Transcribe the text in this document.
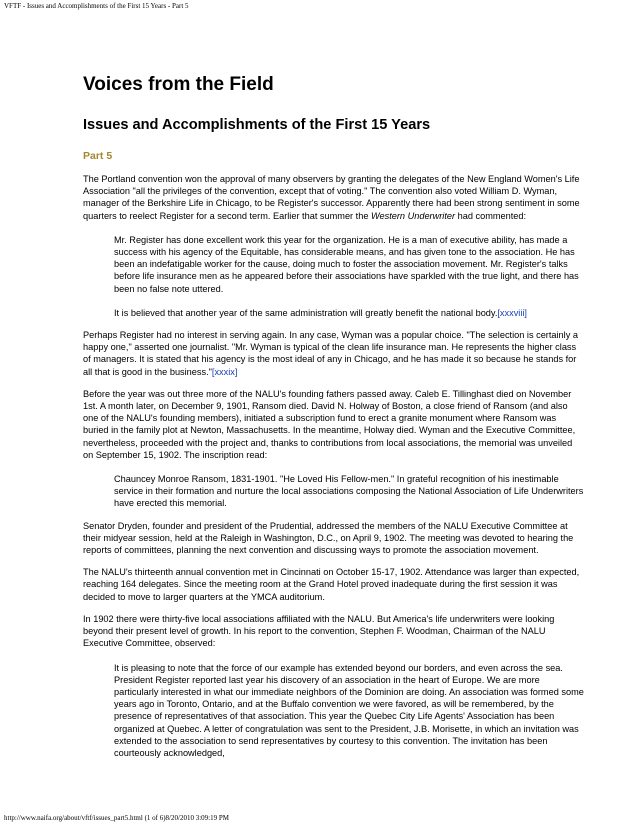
VFTF - Issues and Accomplishments of the First 15 Years - Part 5
Voices from the Field
Issues and Accomplishments of the First 15 Years
Part 5

The Portland convention won the approval of many observers by granting the delegates of the New England Women's Life Association "all the privileges of the convention, except that of voting." The convention also voted William D. Wyman, manager of the Berkshire Life in Chicago, to be Register's successor. Apparently there had been strong sentiment in some quarters to reelect Register for a second term. Earlier that summer the Western Underwriter had commented:

Mr. Register has done excellent work this year for the organization. He is a man of executive ability, has made a success with his agency of the Equitable, has considerable means, and has given tone to the association. He has been an indefatigable worker for the cause, doing much to foster the association movement. Mr. Register's talks before life insurance men as he appeared before their associations have sparkled with the true light, and there has been no false note uttered.
It is believed that another year of the same administration will greatly benefit the national body.[xxxviii]

Perhaps Register had no interest in serving again. In any case, Wyman was a popular choice. "The selection is certainly a happy one," asserted one journalist. "Mr. Wyman is typical of the clean life insurance man. He represents the higher class of managers. It is stated that his agency is the most ideal of any in Chicago, and he has made it so because he stands for all that is good in the business."[xxxix]

Before the year was out three more of the NALU's founding fathers passed away. Caleb E. Tillinghast died on November 1st. A month later, on December 9, 1901, Ransom died. David N. Holway of Boston, a close friend of Ransom (and also one of the NALU's founding members), initiated a subscription fund to erect a granite monument where Ransom was buried in the family plot at Newton, Massachusetts. In the meantime, Holway died. Wyman and the Executive Committee, nevertheless, proceeded with the project and, thanks to contributions from local associations, the memorial was unveiled on September 15, 1902. The inscription read:

Chauncey Monroe Ransom, 1831-1901. "He Loved His Fellow-men." In grateful recognition of his inestimable service in their formation and nurture the local associations composing the National Association of Life Underwriters have erected this memorial.

Senator Dryden, founder and president of the Prudential, addressed the members of the NALU Executive Committee at their midyear session, held at the Raleigh in Washington, D.C., on April 9, 1902. The meeting was devoted to hearing the reports of committees, planning the next convention and discussing ways to promote the association movement.

The NALU's thirteenth annual convention met in Cincinnati on October 15-17, 1902. Attendance was larger than expected, reaching 164 delegates. Since the meeting room at the Grand Hotel proved inadequate during the first session it was decided to move to larger quarters at the YMCA auditorium.

In 1902 there were thirty-five local associations affiliated with the NALU. But America's life underwriters were looking beyond their present level of growth. In his report to the convention, Stephen F. Woodman, Chairman of the NALU Executive Committee, observed:

It is pleasing to note that the force of our example has extended beyond our borders, and even across the sea. President Register reported last year his discovery of an association in the heart of Europe. We are more particularly interested in what our immediate neighbors of the Dominion are doing. An association was formed some years ago in Toronto, Ontario, and at the Buffalo convention we were favored, as will be remembered, by the presence of representatives of that association. This year the Quebec City Life Agents' Association has been organized at Quebec. A letter of congratulation was sent to the President, J.B. Morisette, in which an invitation was extended to the association to send representatives by courtesy to this convention. The invitation has been courteously acknowledged,
http://www.naifa.org/about/vftf/issues_part5.html (1 of 6)8/20/2010 3:09:19 PM
